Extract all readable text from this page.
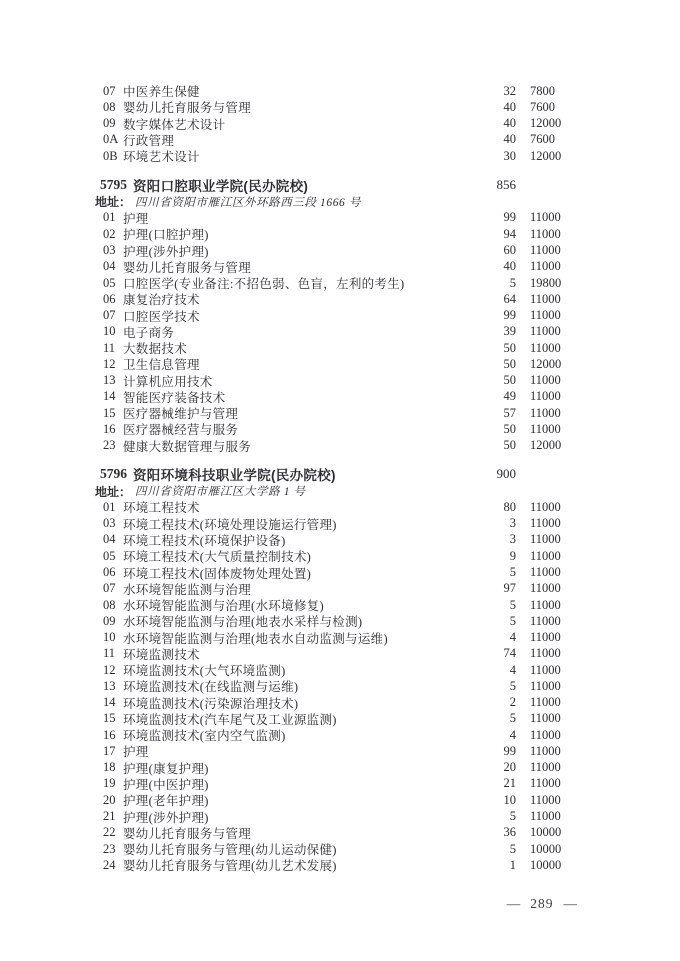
07 中医养生保健	32 7800
08 婴幼儿托育服务与管理	40 7600
09 数字媒体艺术设计	40 12000
0A 行政管理	40 7600
0B 环境艺术设计	30 12000
5795 资阳口腔职业学院(民办院校)	856
地址： 四川省资阳市雁江区外环路西三段 1666 号
01 护理	99 11000
02 护理(口腔护理)	94 11000
03 护理(涉外护理)	60 11000
04 婴幼儿托育服务与管理	40 11000
05 口腔医学(专业备注:不招色弱、色盲，左利的考生)	5 19800
06 康复治疗技术	64 11000
07 口腔医学技术	99 11000
10 电子商务	39 11000
11 大数据技术	50 11000
12 卫生信息管理	50 12000
13 计算机应用技术	50 11000
14 智能医疗装备技术	49 11000
15 医疗器械维护与管理	57 11000
16 医疗器械经营与服务	50 11000
23 健康大数据管理与服务	50 12000
5796 资阳环境科技职业学院(民办院校)	900
地址： 四川省资阳市雁江区大学路 1 号
01 环境工程技术	80 11000
03 环境工程技术(环境处理设施运行管理)	3 11000
04 环境工程技术(环境保护设备)	3 11000
05 环境工程技术(大气质量控制技术)	9 11000
06 环境工程技术(固体废物处理处置)	5 11000
07 水环境智能监测与治理	97 11000
08 水环境智能监测与治理(水环境修复)	5 11000
09 水环境智能监测与治理(地表水采样与检测)	5 11000
10 水环境智能监测与治理(地表水自动监测与运维)	4 11000
11 环境监测技术	74 11000
12 环境监测技术(大气环境监测)	4 11000
13 环境监测技术(在线监测与运维)	5 11000
14 环境监测技术(污染源治理技术)	2 11000
15 环境监测技术(汽车尾气及工业源监测)	5 11000
16 环境监测技术(室内空气监测)	4 11000
17 护理	99 11000
18 护理(康复护理)	20 11000
19 护理(中医护理)	21 11000
20 护理(老年护理)	10 11000
21 护理(涉外护理)	5 11000
22 婴幼儿托育服务与管理	36 10000
23 婴幼儿托育服务与管理(幼儿运动保健)	5 10000
24 婴幼儿托育服务与管理(幼儿艺术发展)	1 10000
— 289 —
